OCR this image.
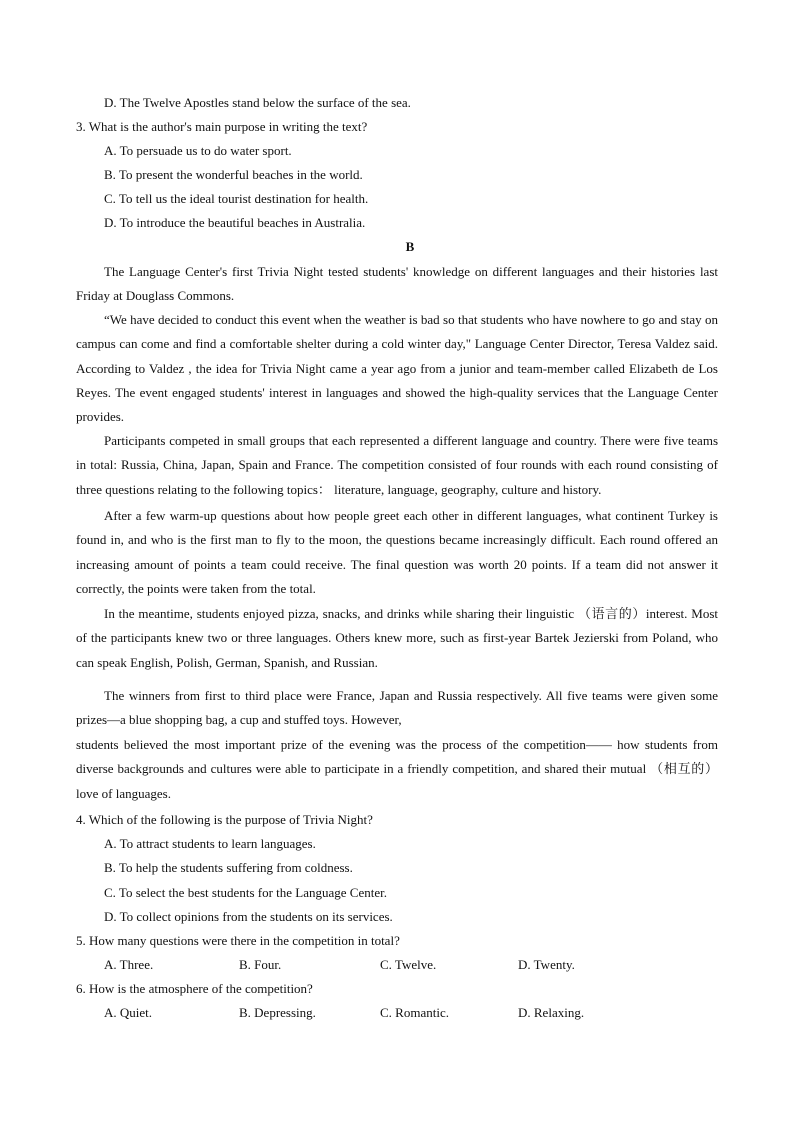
D. The Twelve Apostles stand below the surface of the sea.
3. What is the author's main purpose in writing the text?
A. To persuade us to do water sport.
B. To present the wonderful beaches in the world.
C. To tell us the ideal tourist destination for health.
D. To introduce the beautiful beaches in Australia.
B
The Language Center's first Trivia Night tested students' knowledge on different languages and their histories last Friday at Douglass Commons.
“We have decided to conduct this event when the weather is bad so that students who have nowhere to go and stay on campus can come and find a comfortable shelter during a cold winter day," Language Center Director, Teresa Valdez said. According to Valdez , the idea for Trivia Night came a year ago from a junior and team-member called Elizabeth de Los Reyes. The event engaged students' interest in languages and showed the high-quality services that the Language Center provides.
Participants competed in small groups that each represented a different language and country. There were five teams in total: Russia, China, Japan, Spain and France. The competition consisted of four rounds with each round consisting of three questions relating to the following topics： literature, language, geography, culture and history.
After a few warm-up questions about how people greet each other in different languages, what continent Turkey is found in, and who is the first man to fly to the moon, the questions became increasingly difficult. Each round offered an increasing amount of points a team could receive. The final question was worth 20 points. If a team did not answer it correctly, the points were taken from the total.
In the meantime, students enjoyed pizza, snacks, and drinks while sharing their linguistic （语言的）interest. Most of the participants knew two or three languages. Others knew more, such as first-year Bartek Jezierski from Poland, who can speak English, Polish, German, Spanish, and Russian.
The winners from first to third place were France, Japan and Russia respectively. All five teams were given some prizes—a blue shopping bag, a cup and stuffed toys. However,
students believed the most important prize of the evening was the process of the competition—— how students from diverse backgrounds and cultures were able to participate in a friendly competition, and shared their mutual （相互的）love of languages.
4. Which of the following is the purpose of Trivia Night?
A. To attract students to learn languages.
B. To help the students suffering from coldness.
C. To select the best students for the Language Center.
D. To collect opinions from the students on its services.
5. How many questions were there in the competition in total?
A. Three.	B. Four.	C. Twelve.	D. Twenty.
6. How is the atmosphere of the competition?
A. Quiet.	B. Depressing.	C. Romantic.	D. Relaxing.
